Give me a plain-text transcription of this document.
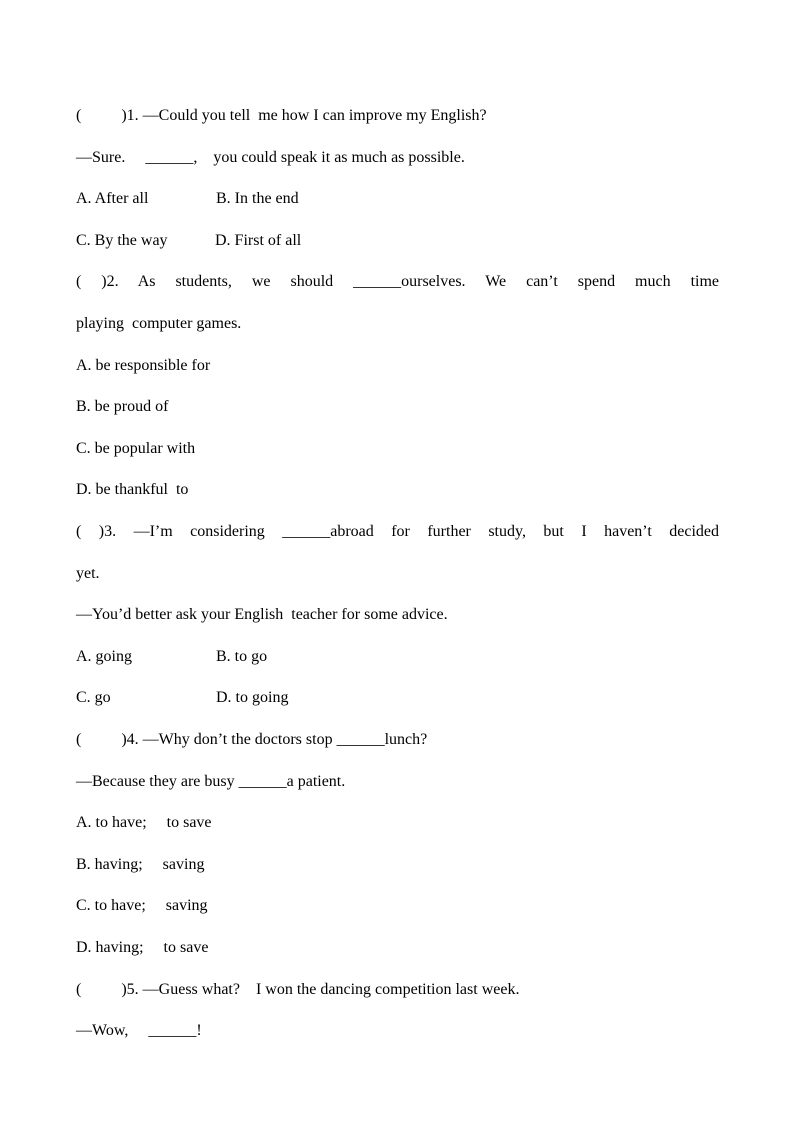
(          )1. —Could you tell  me how I can improve my English?
—Sure.     ______,    you could speak it as much as possible.
A. After all	B. In the end
C. By the way	D. First of all
( )2. As students, we should ______ourselves. We can’t spend much time
playing  computer games.
A. be responsible for
B. be proud of
C. be popular with
D. be thankful  to
( )3. —I’m considering ______abroad for further study, but I haven’t decided
yet.
—You’d better ask your English  teacher for some advice.
A. going	B. to go
C. go	D. to going
(          )4. —Why don’t the doctors stop ______lunch?
—Because they are busy ______a patient.
A. to have;     to save
B. having;     saving
C. to have;     saving
D. having;     to save
(          )5. —Guess what?    I won the dancing competition last week.
—Wow,     ______!
